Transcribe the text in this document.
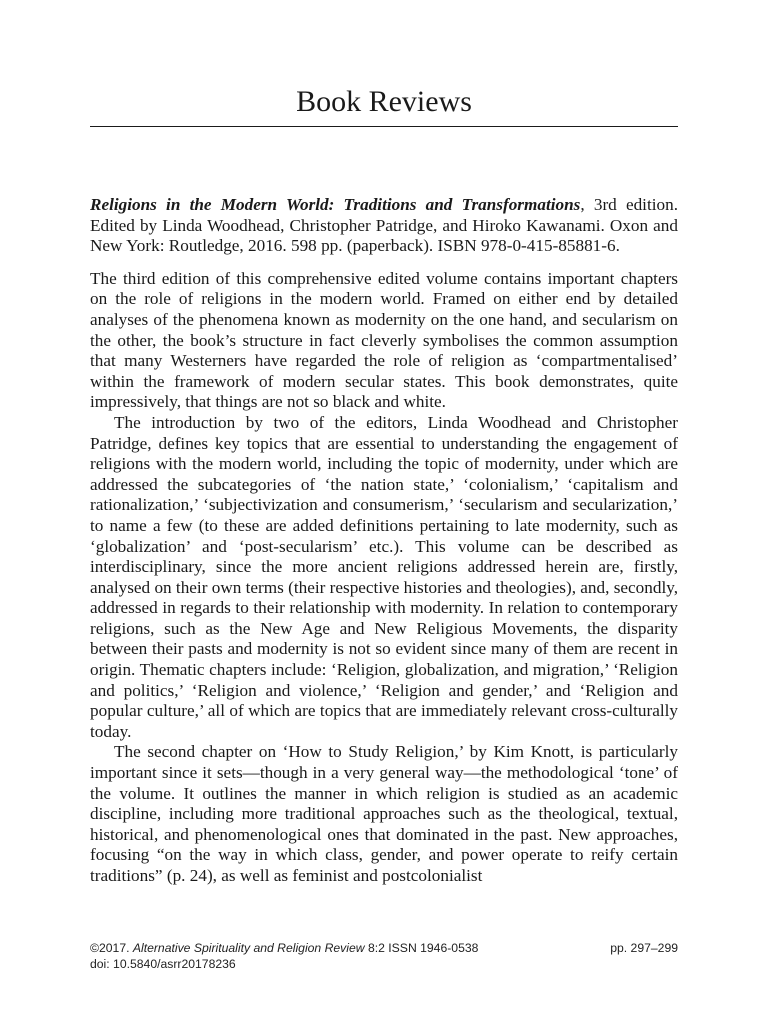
Book Reviews

Religions in the Modern World: Traditions and Transformations, 3rd edition. Edited by Linda Woodhead, Christopher Patridge, and Hiroko Kawanami. Oxon and New York: Routledge, 2016. 598 pp. (paperback). ISBN 978-0-415-85881-6.

The third edition of this comprehensive edited volume contains important chapters on the role of religions in the modern world. Framed on either end by detailed analyses of the phenomena known as modernity on the one hand, and secularism on the other, the book’s structure in fact cleverly symbolises the common assumption that many Westerners have regarded the role of religion as ‘compartmentalised’ within the framework of modern secular states. This book demonstrates, quite impressively, that things are not so black and white.

The introduction by two of the editors, Linda Woodhead and Christopher Patridge, defines key topics that are essential to understanding the engagement of religions with the modern world, including the topic of modernity, under which are addressed the subcategories of ‘the nation state,’ ‘colonialism,’ ‘capitalism and rationalization,’ ‘subjectivization and consumerism,’ ‘secularism and secularization,’ to name a few (to these are added definitions pertaining to late modernity, such as ‘globalization’ and ‘post-secularism’ etc.). This volume can be described as interdisciplinary, since the more ancient religions addressed herein are, firstly, analysed on their own terms (their respective histories and theologies), and, secondly, addressed in regards to their relationship with modernity. In relation to contemporary religions, such as the New Age and New Religious Movements, the disparity between their pasts and modernity is not so evident since many of them are recent in origin. Thematic chapters include: ‘Religion, globalization, and migration,’ ‘Religion and politics,’ ‘Religion and violence,’ ‘Religion and gender,’ and ‘Religion and popular culture,’ all of which are topics that are immediately relevant cross-culturally today.

The second chapter on ‘How to Study Religion,’ by Kim Knott, is particularly important since it sets—though in a very general way—the methodological ‘tone’ of the volume. It outlines the manner in which religion is studied as an academic discipline, including more traditional approaches such as the theological, textual, historical, and phenomenological ones that dominated in the past. New approaches, focusing “on the way in which class, gender, and power operate to reify certain traditions” (p. 24), as well as feminist and postcolonialist

©2017. Alternative Spirituality and Religion Review 8:2 ISSN 1946-0538	pp. 297–299
doi: 10.5840/asrr20178236
